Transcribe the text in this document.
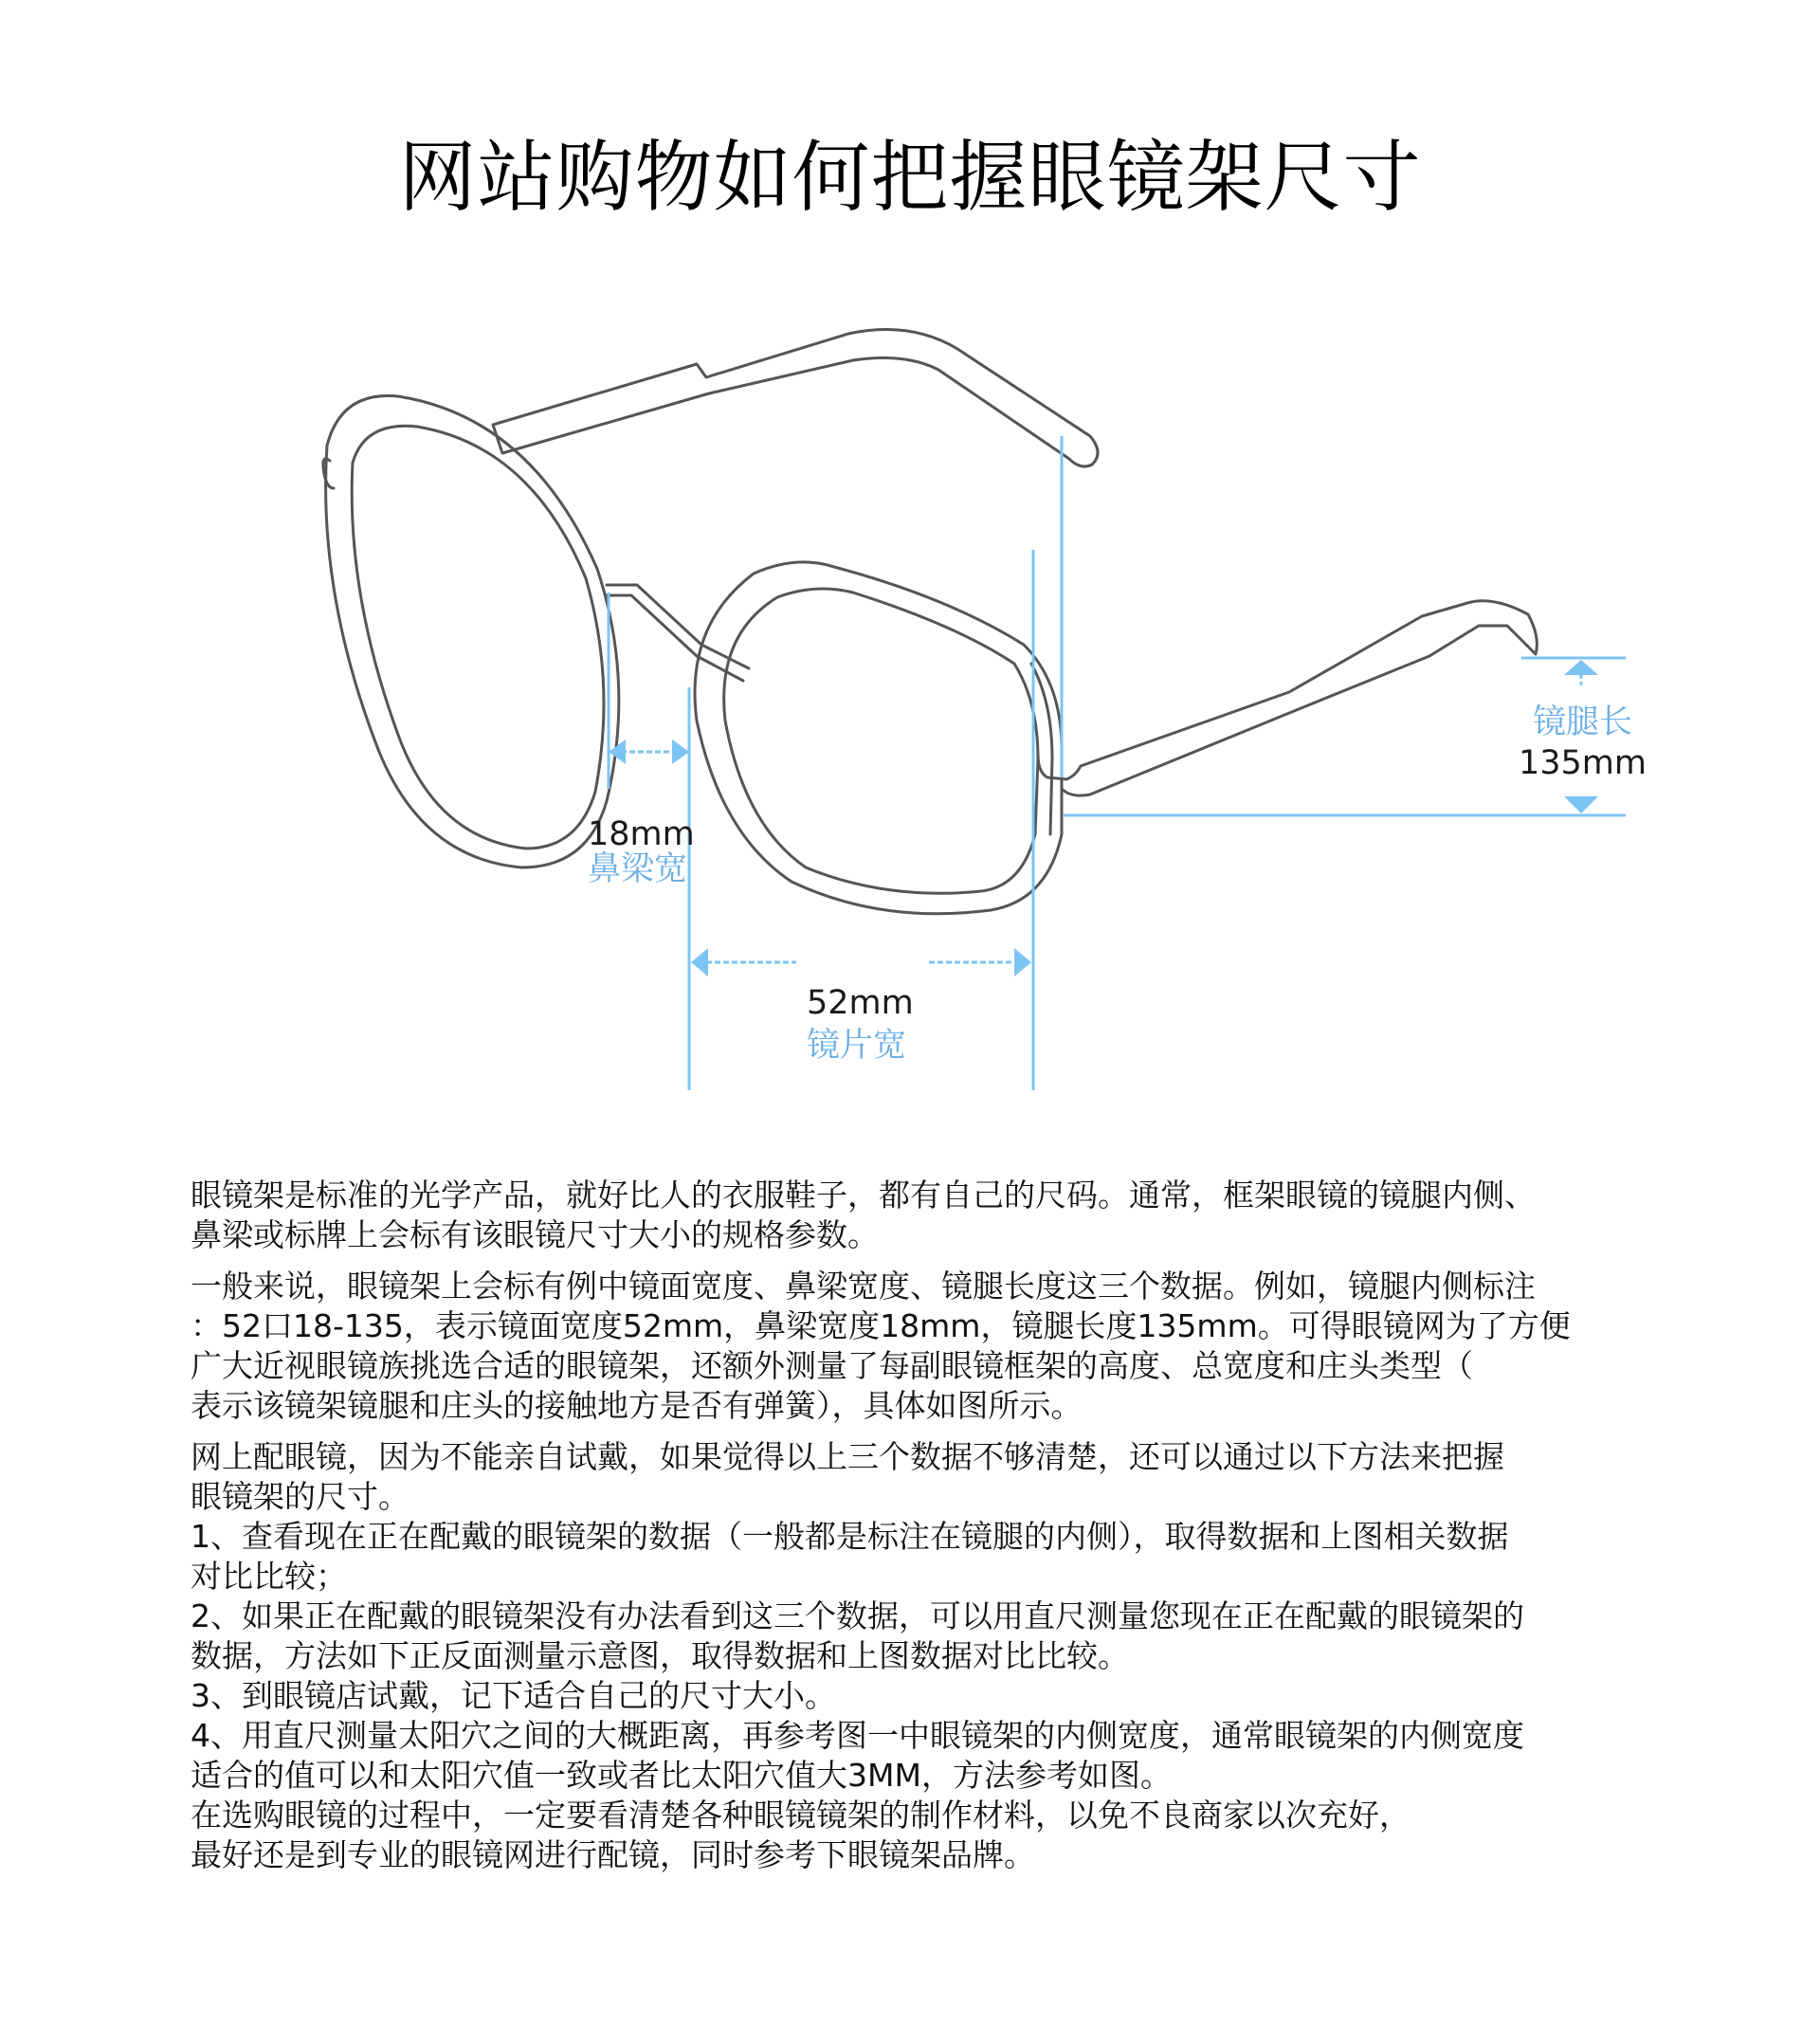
网站购物如何把握眼镜架尺寸
镜腿长
135mm
18mm
鼻梁宽
52mm
镜片宽

眼镜架是标准的光学产品，就好比人的衣服鞋子，都有自己的尺码。通常，框架眼镜的镜腿内侧、
鼻梁或标牌上会标有该眼镜尺寸大小的规格参数。

一般来说，眼镜架上会标有例中镜面宽度、鼻梁宽度、镜腿长度这三个数据。例如，镜腿内侧标注
：52口18-135，表示镜面宽度52mm，鼻梁宽度18mm，镜腿长度135mm。可得眼镜网为了方便
广大近视眼镜族挑选合适的眼镜架，还额外测量了每副眼镜框架的高度、总宽度和庄头类型（
表示该镜架镜腿和庄头的接触地方是否有弹簧），具体如图所示。

网上配眼镜，因为不能亲自试戴，如果觉得以上三个数据不够清楚，还可以通过以下方法来把握
眼镜架的尺寸。
1、查看现在正在配戴的眼镜架的数据（一般都是标注在镜腿的内侧），取得数据和上图相关数据
对比比较；
2、如果正在配戴的眼镜架没有办法看到这三个数据，可以用直尺测量您现在正在配戴的眼镜架的
数据，方法如下正反面测量示意图，取得数据和上图数据对比比较。
3、到眼镜店试戴，记下适合自己的尺寸大小。
4、用直尺测量太阳穴之间的大概距离，再参考图一中眼镜架的内侧宽度，通常眼镜架的内侧宽度
适合的值可以和太阳穴值一致或者比太阳穴值大3MM，方法参考如图。
在选购眼镜的过程中，一定要看清楚各种眼镜镜架的制作材料，以免不良商家以次充好，
最好还是到专业的眼镜网进行配镜，同时参考下眼镜架品牌。
